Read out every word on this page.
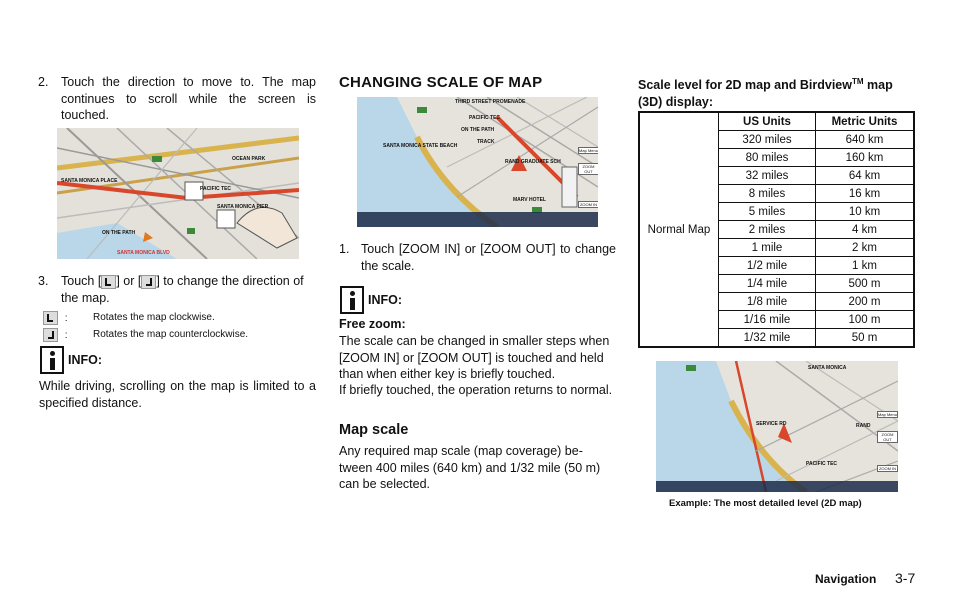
2. Touch the direction to move to. The map continues to scroll while the screen is touched.
SANTA MONICA PLACE
ON THE PATH
PACIFIC TEC
SANTA MONICA PIER
SANTA MONICA BLVD
OCEAN PARK
3. Touch [ ] or [ ] to change the direction of the map.
:	Rotates the map clockwise.
:	Rotates the map counterclockwise.
INFO:
While driving, scrolling on the map is limited to a specified distance.
CHANGING SCALE OF MAP
THIRD STREET PROMENADE
SANTA MONICA STATE BEACH
ON THE PATH
PACIFIC TEC
RAND GRADUATE SCH
MARV HOTEL
TRACK
Map Menu
ZOOM OUT
ZOOM IN
1. Touch [ZOOM IN] or [ZOOM OUT] to change the scale.
INFO:
Free zoom:
The scale can be changed in smaller steps when [ZOOM IN] or [ZOOM OUT] is touched and held than when either key is briefly touched.
If briefly touched, the operation returns to normal.
Map scale
Any required map scale (map coverage) be-tween 400 miles (640 km) and 1/32 mile (50 m) can be selected.
Scale level for 2D map and Birdview™ map
(3D) display:
Normal Map	US Units	Metric Units
	320 miles	640 km
	80 miles	160 km
	32 miles	64 km
	8 miles	16 km
	5 miles	10 km
	2 miles	4 km
	1 mile	2 km
	1/2 mile	1 km
	1/4 mile	500 m
	1/8 mile	200 m
	1/16 mile	100 m
	1/32 mile	50 m
SANTA MONICA
RAND
SERVICE RD
PACIFIC TEC
Map Menu
ZOOM OUT
ZOOM IN
Example: The most detailed level (2D map)
Navigation 3-7
